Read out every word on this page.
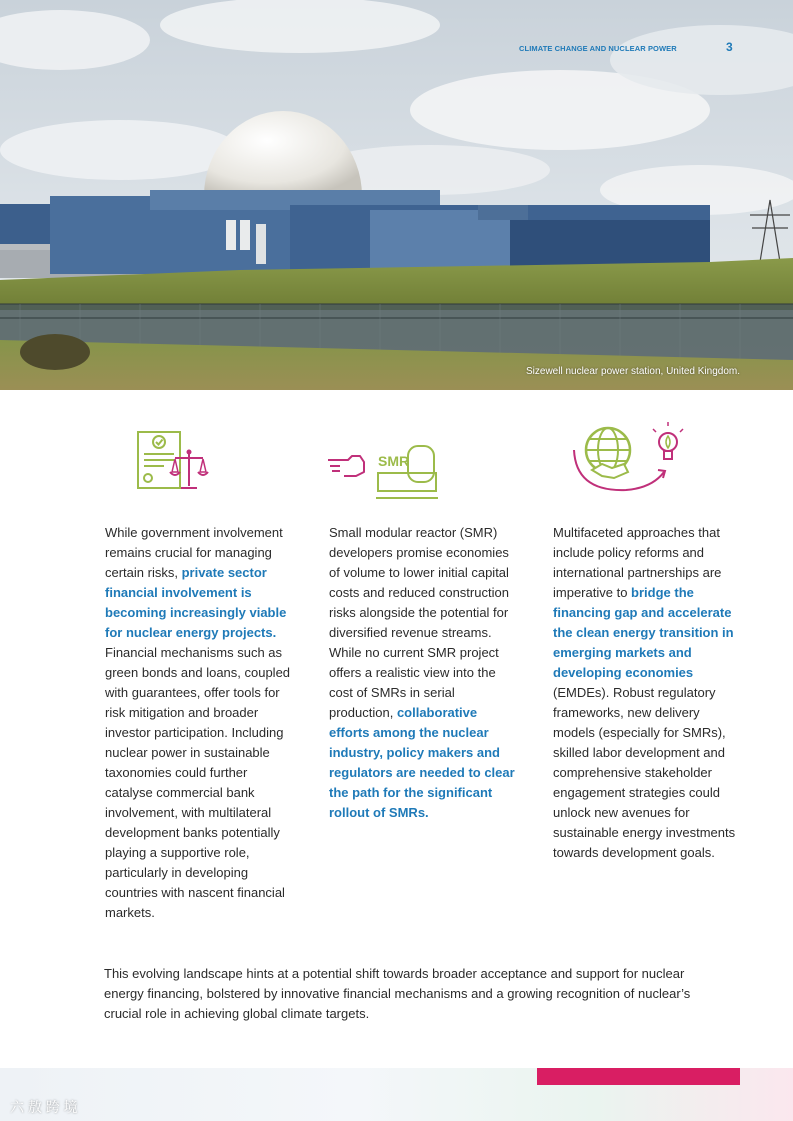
CLIMATE CHANGE AND NUCLEAR POWER	3
Sizewell nuclear power station, United Kingdom.
SMR
While government involvement remains crucial for managing certain risks, private sector financial involvement is becoming increasingly viable for nuclear energy projects. Financial mechanisms such as green bonds and loans, coupled with guarantees, offer tools for risk mitigation and broader investor participation. Including nuclear power in sustainable taxonomies could further catalyse commercial bank involvement, with multilateral development banks potentially playing a supportive role, particularly in developing countries with nascent financial markets.
Small modular reactor (SMR) developers promise economies of volume to lower initial capital costs and reduced construction risks alongside the potential for diversified revenue streams. While no current SMR project offers a realistic view into the cost of SMRs in serial production, collaborative efforts among the nuclear industry, policy makers and regulators are needed to clear the path for the significant rollout of SMRs.
Multifaceted approaches that include policy reforms and international partnerships are imperative to bridge the financing gap and accelerate the clean energy transition in emerging markets and developing economies (EMDEs). Robust regulatory frameworks, new delivery models (especially for SMRs), skilled labor development and comprehensive stakeholder engagement strategies could unlock new avenues for sustainable energy investments towards development goals.
This evolving landscape hints at a potential shift towards broader acceptance and support for nuclear energy financing, bolstered by innovative financial mechanisms and a growing recognition of nuclear’s crucial role in achieving global climate targets.
六 敖 跨 境
